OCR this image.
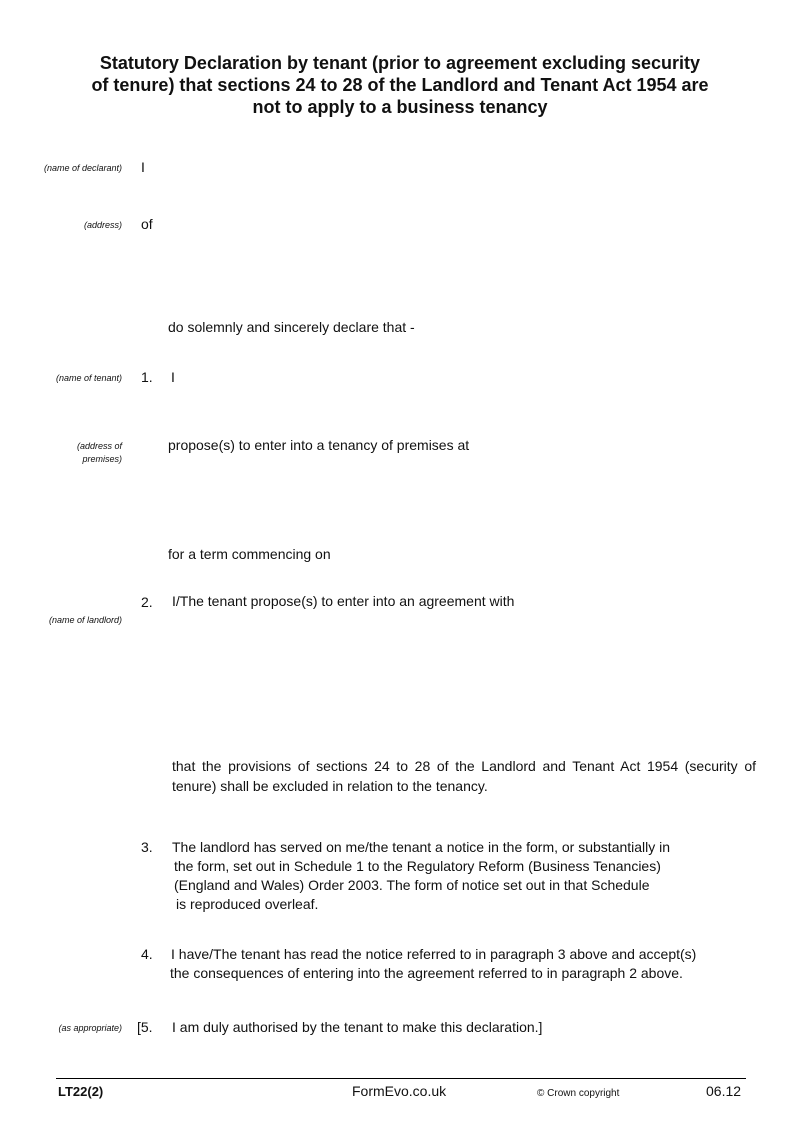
Statutory Declaration by tenant (prior to agreement excluding security of tenure) that sections 24 to 28 of the Landlord and Tenant Act 1954 are not to apply to a business tenancy
(name of declarant) I
(address) of
do solemnly and sincerely declare that -
(name of tenant) 1. I
(address of
premises)
propose(s) to enter into a tenancy of premises at
for a term commencing on
2. I/The tenant propose(s) to enter into an agreement with
(name of landlord)
that the provisions of sections 24 to 28 of the Landlord and Tenant Act 1954 (security of tenure) shall be excluded in relation to the tenancy.
3. The landlord has served on me/the tenant a notice in the form, or substantially in
the form, set out in Schedule 1 to the Regulatory Reform (Business Tenancies)
(England and Wales) Order 2003. The form of notice set out in that Schedule
is reproduced overleaf.
4. I have/The tenant has read the notice referred to in paragraph 3 above and accept(s)
the consequences of entering into the agreement referred to in paragraph 2 above.
(as appropriate) [5. I am duly authorised by the tenant to make this declaration.]
LT22(2)	FormEvo.co.uk	© Crown copyright	06.12
